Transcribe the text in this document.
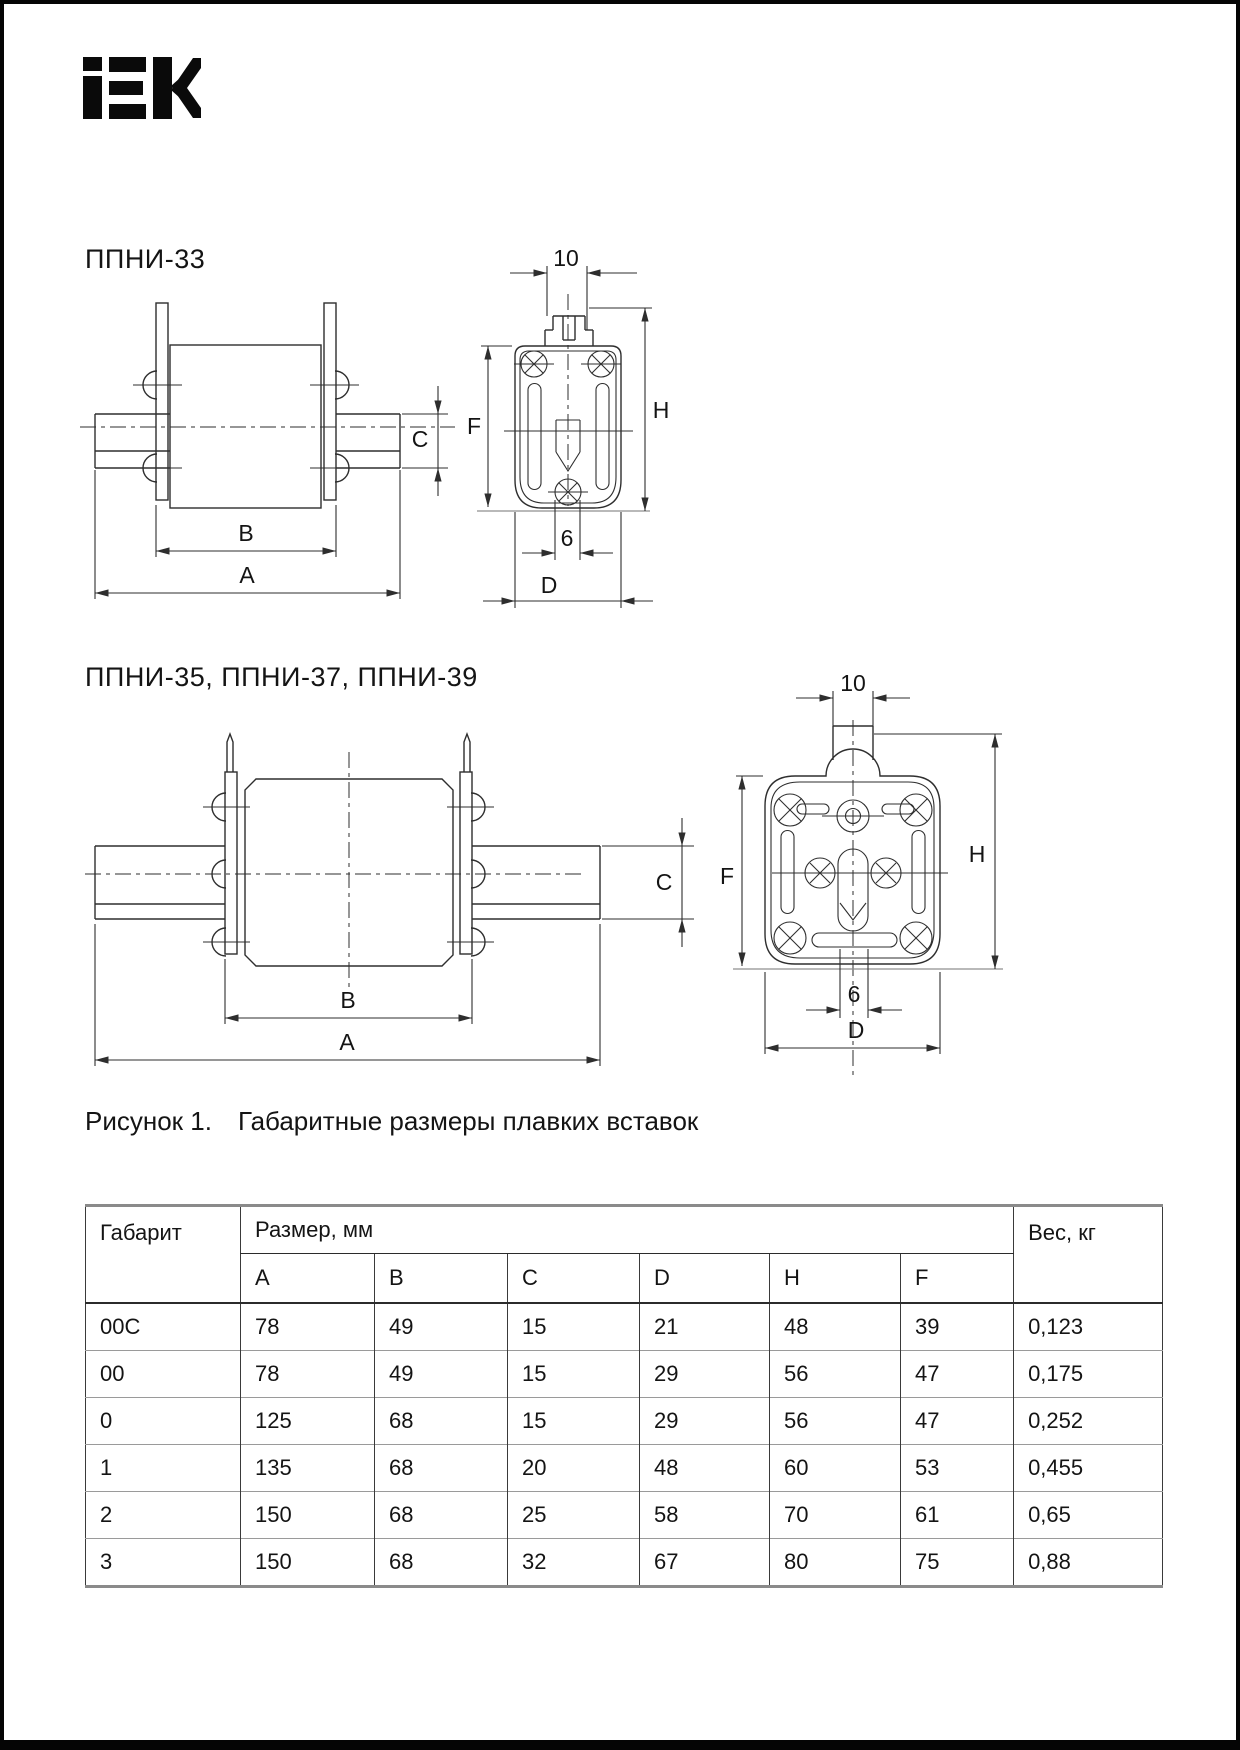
ППНИ-33
ППНИ-35, ППНИ-37, ППНИ-39
C
B
A
10
F
H
6
D
C
B
A
10
F
H
6
D
Рисунок 1. Габаритные размеры плавких вставок
Габарит	Размер, мм						Вес, кг
	A	B	C	D	H	F	
00C	78	49	15	21	48	39	0,123
00	78	49	15	29	56	47	0,175
0	125	68	15	29	56	47	0,252
1	135	68	20	48	60	53	0,455
2	150	68	25	58	70	61	0,65
3	150	68	32	67	80	75	0,88
